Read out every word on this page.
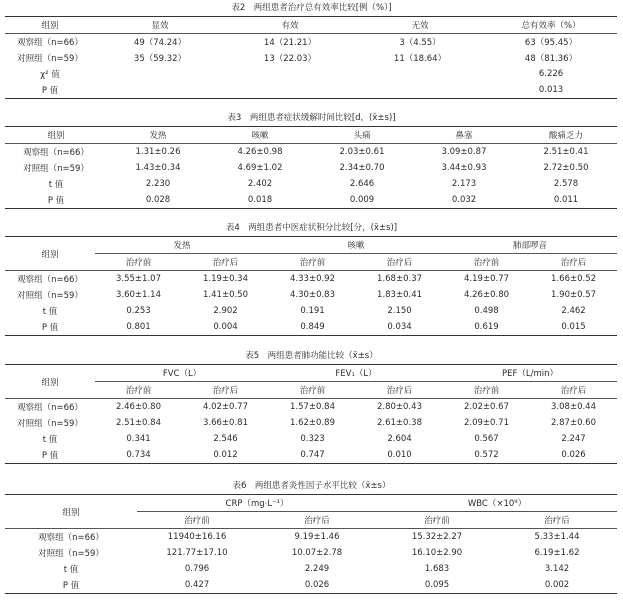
表2　两组患者治疗总有效率比较[例（%）]
组别	显效	有效	无效	总有效率（%）
观察组（n=66）	49（74.24）	14（21.21）	3（4.55）	63（95.45）
对照组（n=59）	35（59.32）	13（22.03）	11（18.64）	48（81.36）
χ² 值				6.226
P 值				0.013
表3　两组患者症状缓解时间比较[d，(x̄±s)]
组别	发热	咳嗽	头痛	鼻塞	酸痛乏力
观察组（n=66）	1.31±0.26	4.26±0.98	2.03±0.61	3.09±0.87	2.51±0.41
对照组（n=59）	1.43±0.34	4.69±1.02	2.34±0.70	3.44±0.93	2.72±0.50
t 值	2.230	2.402	2.646	2.173	2.578
P 值	0.028	0.018	0.009	0.032	0.011
表4　两组患者中医症状积分比较[分，(x̄±s)]
组别	发热		咳嗽		肺部啰音	
	治疗前	治疗后	治疗前	治疗后	治疗前	治疗后
观察组（n=66）	3.55±1.07	1.19±0.34	4.33±0.92	1.68±0.37	4.19±0.77	1.66±0.52
对照组（n=59）	3.60±1.14	1.41±0.50	4.30±0.83	1.83±0.41	4.26±0.80	1.90±0.57
t 值	0.253	2.902	0.191	2.150	0.498	2.462
P 值	0.801	0.004	0.849	0.034	0.619	0.015
表5　两组患者肺功能比较（x̄±s）
组别	FVC（L）		FEV₁（L）		PEF（L/min）	
	治疗前	治疗后	治疗前	治疗后	治疗前	治疗后
观察组（n=66）	2.46±0.80	4.02±0.77	1.57±0.84	2.80±0.43	2.02±0.67	3.08±0.44
对照组（n=59）	2.51±0.84	3.66±0.81	1.62±0.89	2.61±0.38	2.09±0.71	2.87±0.60
t 值	0.341	2.546	0.323	2.604	0.567	2.247
P 值	0.734	0.012	0.747	0.010	0.572	0.026
表6　两组患者炎性因子水平比较（x̄±s）
组别	CRP（mg·L⁻¹）		WBC（×10⁹）	
	治疗前	治疗后	治疗前	治疗后
观察组（n=66）	11940±16.16	9.19±1.46	15.32±2.27	5.33±1.44
对照组（n=59）	121.77±17.10	10.07±2.78	16.10±2.90	6.19±1.62
t 值	0.796	2.249	1.683	3.142
P 值	0.427	0.026	0.095	0.002
